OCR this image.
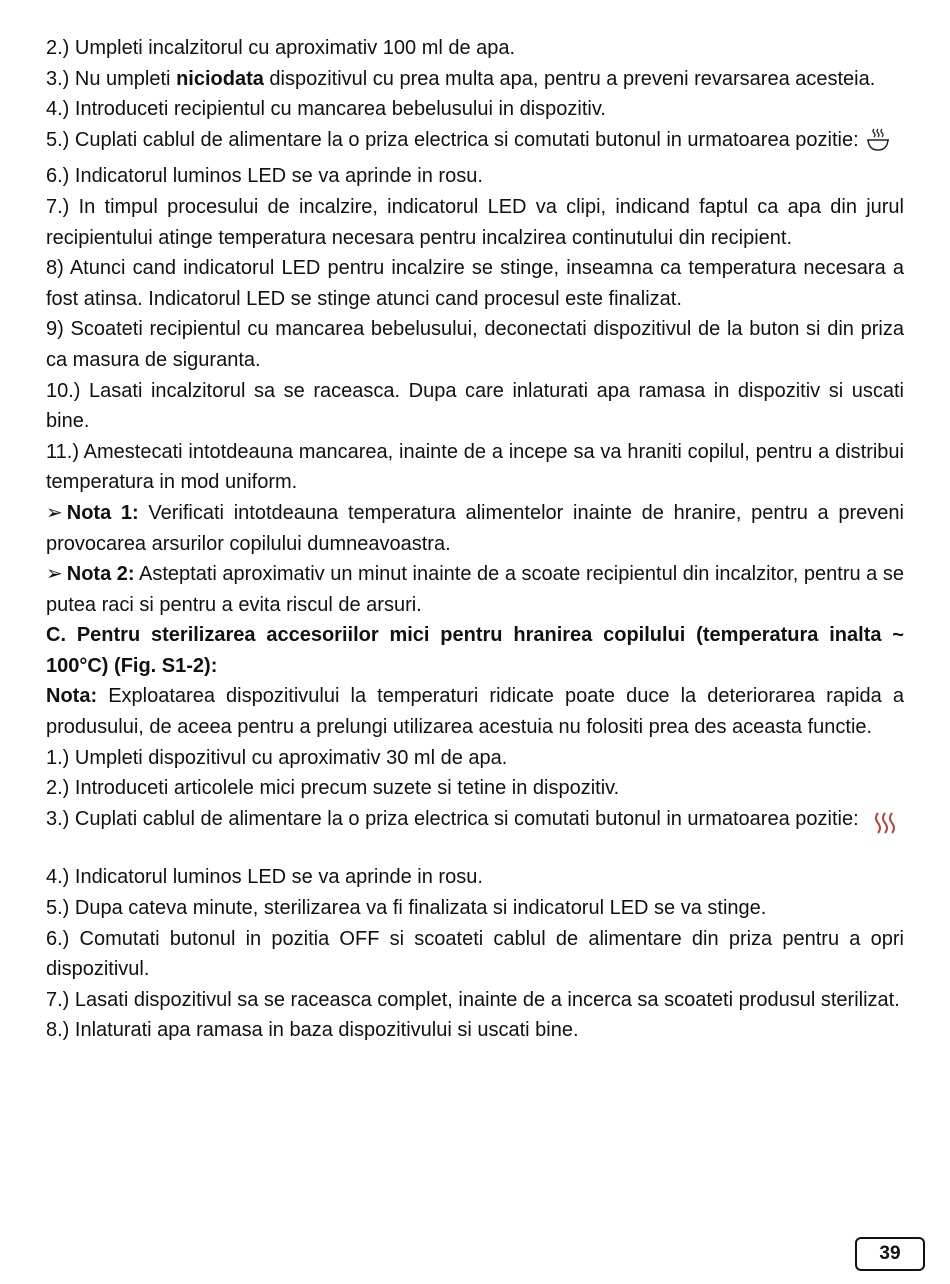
2.) Umpleti incalzitorul cu aproximativ 100 ml de apa.

3.) Nu umpleti niciodata dispozitivul cu prea multa apa, pentru a preveni revarsarea acesteia.

4.) Introduceti recipientul cu mancarea bebelusului in dispozitiv.

5.) Cuplati cablul de alimentare la o priza electrica si comutati butonul in urmatoarea pozitie:

6.) Indicatorul luminos LED se va aprinde in rosu.

7.) In timpul procesului de incalzire, indicatorul LED va clipi, indicand faptul ca apa din jurul recipientului atinge temperatura necesara pentru incalzirea continutului din recipient.

8) Atunci cand indicatorul LED pentru incalzire se stinge, inseamna ca temperatura necesara a fost atinsa. Indicatorul LED se stinge atunci cand procesul este finalizat.

9) Scoateti recipientul cu mancarea bebelusului, deconectati dispozitivul de la buton si din priza ca masura de siguranta.

10.) Lasati incalzitorul sa se raceasca. Dupa care inlaturati apa ramasa in dispozitiv si uscati bine.

11.) Amestecati intotdeauna mancarea, inainte de a incepe sa va hraniti copilul, pentru a distribui temperatura in mod uniform.

➢ Nota 1: Verificati intotdeauna temperatura alimentelor inainte de hranire, pentru a preveni provocarea arsurilor copilului dumneavoastra.

➢ Nota 2: Asteptati aproximativ un minut inainte de a scoate recipientul din incalzitor, pentru a se putea raci si pentru a evita riscul de arsuri.

C. Pentru sterilizarea accesoriilor mici pentru hranirea copilului (temperatura inalta ~ 100°C) (Fig. S1-2):

Nota: Exploatarea dispozitivului la temperaturi ridicate poate duce la deteriorarea rapida a produsului, de aceea pentru a prelungi utilizarea acestuia nu folositi prea des aceasta functie.

1.) Umpleti dispozitivul cu aproximativ 30 ml de apa.

2.) Introduceti articolele mici precum suzete si tetine in dispozitiv.

3.) Cuplati cablul de alimentare la o priza electrica si comutati butonul in urmatoarea pozitie:

4.) Indicatorul luminos LED se va aprinde in rosu.

5.) Dupa cateva minute, sterilizarea va fi finalizata si indicatorul LED se va stinge.

6.) Comutati butonul in pozitia OFF si scoateti cablul de alimentare din priza pentru a opri dispozitivul.

7.) Lasati dispozitivul sa se raceasca complet, inainte de a incerca sa scoateti produsul sterilizat.

8.) Inlaturati apa ramasa in baza dispozitivului si uscati bine.

39
